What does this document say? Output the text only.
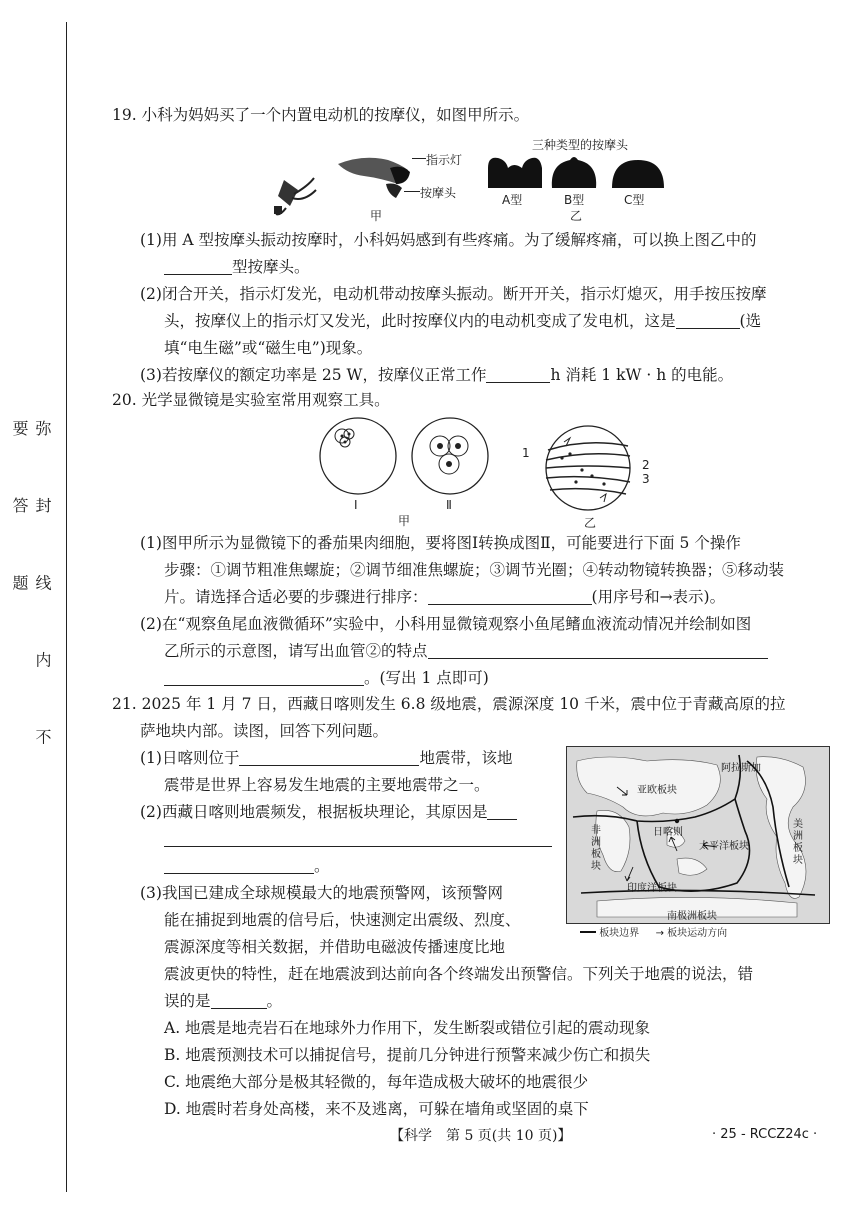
弥 封 线 内 不 要 答 题
19. 小科为妈妈买了一个内置电动机的按摩仪，如图甲所示。
指示灯
按摩头
甲
三种类型的按摩头
A型	B型	C型
乙
(1)用 A 型按摩头振动按摩时，小科妈妈感到有些疼痛。为了缓解疼痛，可以换上图乙中的
型按摩头。
(2)闭合开关，指示灯发光，电动机带动按摩头振动。断开开关，指示灯熄灭，用手按压按摩
头，按摩仪上的指示灯又发光，此时按摩仪内的电动机变成了发电机，这是	(选
填“电生磁”或“磁生电”)现象。
(3)若按摩仪的额定功率是 25 W，按摩仪正常工作	h 消耗 1 kW · h 的电能。
20. 光学显微镜是实验室常用观察工具。
Ⅰ	Ⅱ
甲
1
2
3
乙
(1)图甲所示为显微镜下的番茄果肉细胞，要将图Ⅰ转换成图Ⅱ，可能要进行下面 5 个操作
步骤：①调节粗准焦螺旋；②调节细准焦螺旋；③调节光圈；④转动物镜转换器；⑤移动装
片。请选择合适必要的步骤进行排序：	(用序号和→表示)。
(2)在“观察鱼尾血液微循环”实验中，小科用显微镜观察小鱼尾鳍血液流动情况并绘制如图
乙所示的示意图，请写出血管②的特点
。(写出 1 点即可)
21. 2025 年 1 月 7 日，西藏日喀则发生 6.8 级地震，震源深度 10 千米，震中位于青藏高原的拉
萨地块内部。读图，回答下列问题。
(1)日喀则位于	地震带，该地
震带是世界上容易发生地震的主要地震带之一。
(2)西藏日喀则地震频发，根据板块理论，其原因是
。
(3)我国已建成全球规模最大的地震预警网，该预警网
能在捕捉到地震的信号后，快速测定出震级、烈度、
震源深度等相关数据，并借助电磁波传播速度比地
震波更快的特性，赶在地震波到达前向各个终端发出预警信。下列关于地震的说法，错
误的是	。
A. 地震是地壳岩石在地球外力作用下，发生断裂或错位引起的震动现象
B. 地震预测技术可以捕捉信号，提前几分钟进行预警来减少伤亡和损失
C. 地震绝大部分是极其轻微的，每年造成极大破坏的地震很少
D. 地震时若身处高楼，来不及逃离，可躲在墙角或坚固的桌下
阿拉斯加
亚欧板块
非洲板块
日喀则
太平洋板块
美洲板块
印度洋板块
南极洲板块
板块边界 → 板块运动方向
【科学　第 5 页(共 10 页)】	· 25 - RCCZ24c ·
